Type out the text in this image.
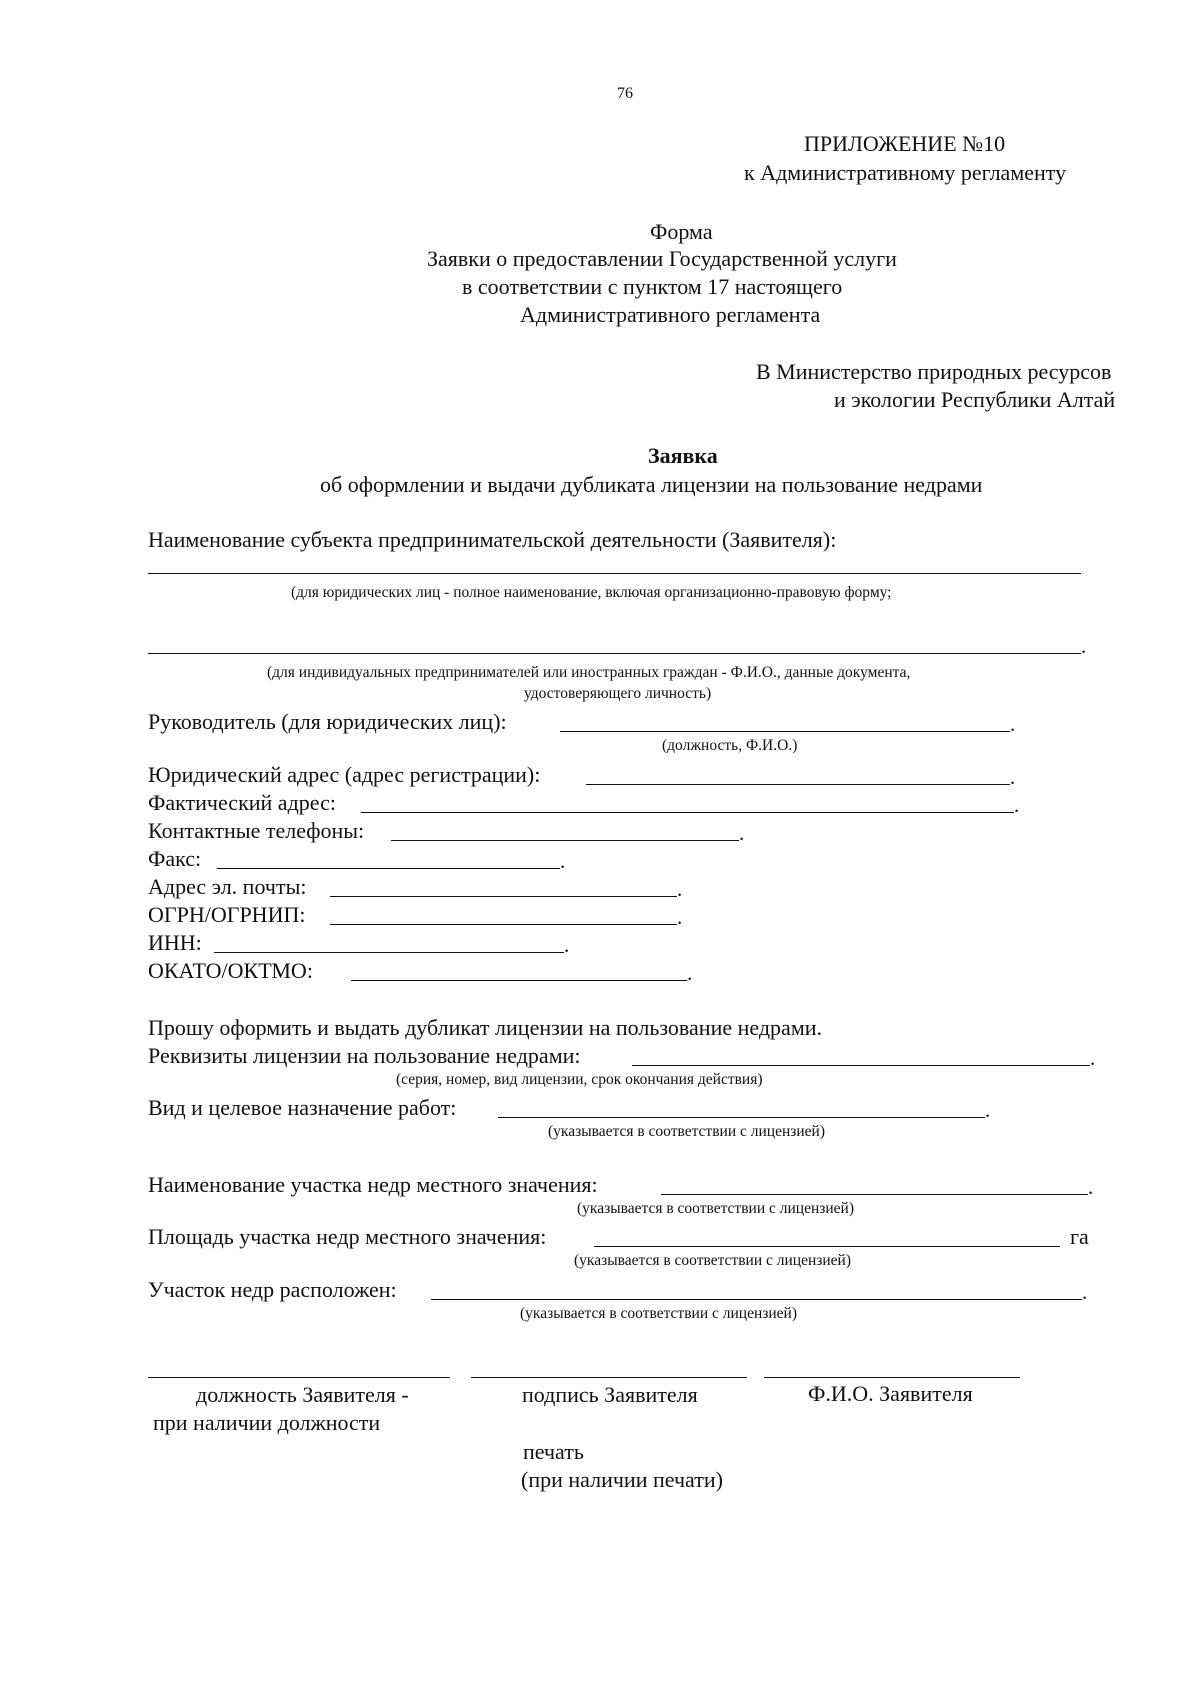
76
ПРИЛОЖЕНИЕ №10
к Административному регламенту
Форма
Заявки о предоставлении Государственной услуги
в соответствии с пунктом 17 настоящего
Административного регламента
В Министерство природных ресурсов
и экологии Республики Алтай
Заявка
об оформлении и выдачи дубликата лицензии на пользование недрами
Наименование субъекта предпринимательской деятельности (Заявителя):
(для юридических лиц - полное наименование, включая организационно-правовую форму;
.
(для индивидуальных предпринимателей или иностранных граждан - Ф.И.О., данные документа,
удостоверяющего личность)
Руководитель (для юридических лиц):	.
(должность, Ф.И.О.)
Юридический адрес (адрес регистрации):	.
Фактический адрес:	.
Контактные телефоны:	.
Факс:	.
Адрес эл. почты:	.
ОГРН/ОГРНИП:	.
ИНН:	.
ОКАТО/ОКТМО:	.
Прошу оформить и выдать дубликат лицензии на пользование недрами.
Реквизиты лицензии на пользование недрами:	.
(серия, номер, вид лицензии, срок окончания действия)
Вид и целевое назначение работ:	.
(указывается в соответствии с лицензией)
Наименование участка недр местного значения:	.
(указывается в соответствии с лицензией)
Площадь участка недр местного значения:	га
(указывается в соответствии с лицензией)
Участок недр расположен:	.
(указывается в соответствии с лицензией)
должность Заявителя -
при наличии должности
подпись Заявителя	Ф.И.О. Заявителя
печать
(при наличии печати)
